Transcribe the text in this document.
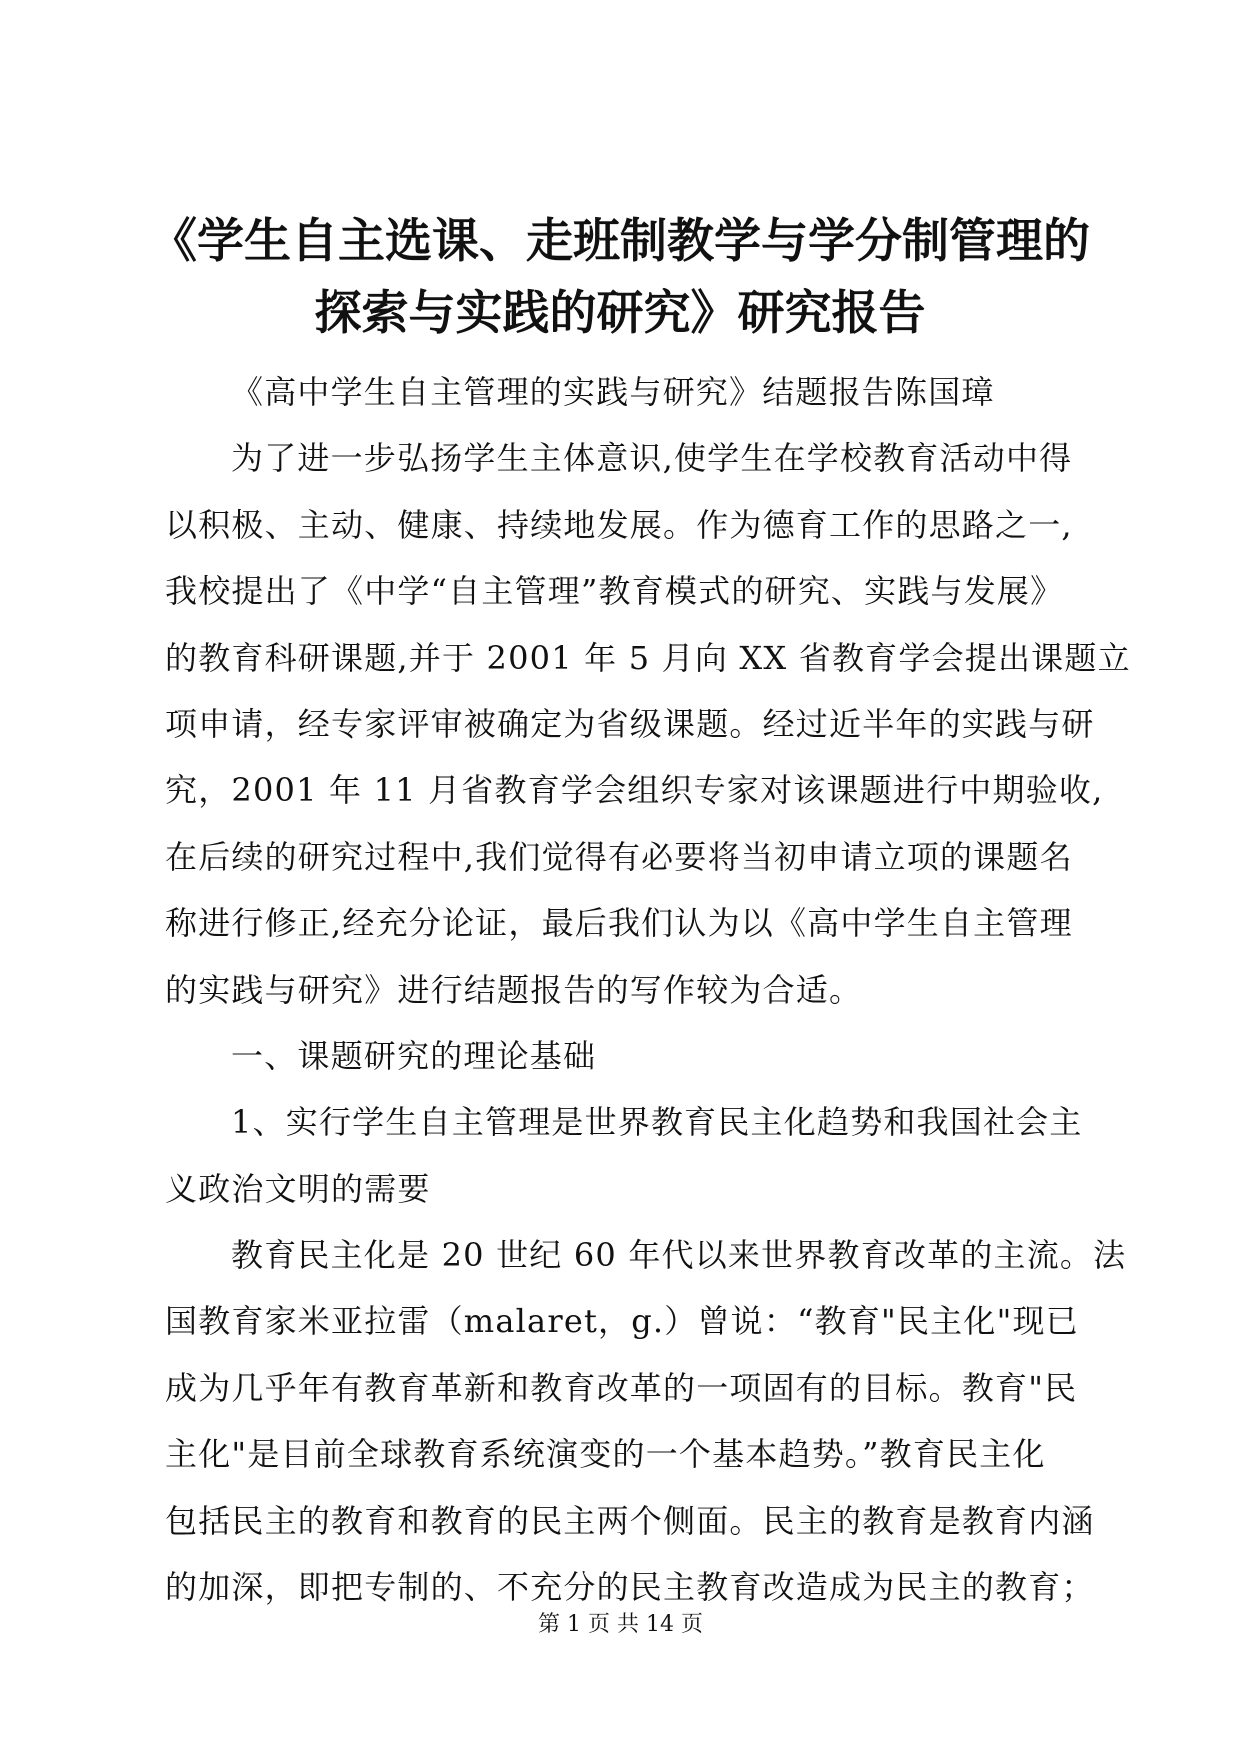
《学生自主选课、走班制教学与学分制管理的
探索与实践的研究》研究报告
《高中学生自主管理的实践与研究》结题报告陈国璋
为了进一步弘扬学生主体意识,使学生在学校教育活动中得
以积极、主动、健康、持续地发展。作为德育工作的思路之一,
我校提出了《中学“自主管理”教育模式的研究、实践与发展》
的教育科研课题,并于 2001 年 5 月向 XX 省教育学会提出课题立
项申请，经专家评审被确定为省级课题。经过近半年的实践与研
究，2001 年 11 月省教育学会组织专家对该课题进行中期验收,
在后续的研究过程中,我们觉得有必要将当初申请立项的课题名
称进行修正,经充分论证，最后我们认为以《高中学生自主管理
的实践与研究》进行结题报告的写作较为合适。
一、课题研究的理论基础
1、实行学生自主管理是世界教育民主化趋势和我国社会主
义政治文明的需要
教育民主化是 20 世纪 60 年代以来世界教育改革的主流。法
国教育家米亚拉雷（malaret，g.）曾说：“教育"民主化"现已
成为几乎年有教育革新和教育改革的一项固有的目标。教育"民
主化"是目前全球教育系统演变的一个基本趋势。”教育民主化
包括民主的教育和教育的民主两个侧面。民主的教育是教育内涵
的加深，即把专制的、不充分的民主教育改造成为民主的教育；
第 1 页 共 14 页
